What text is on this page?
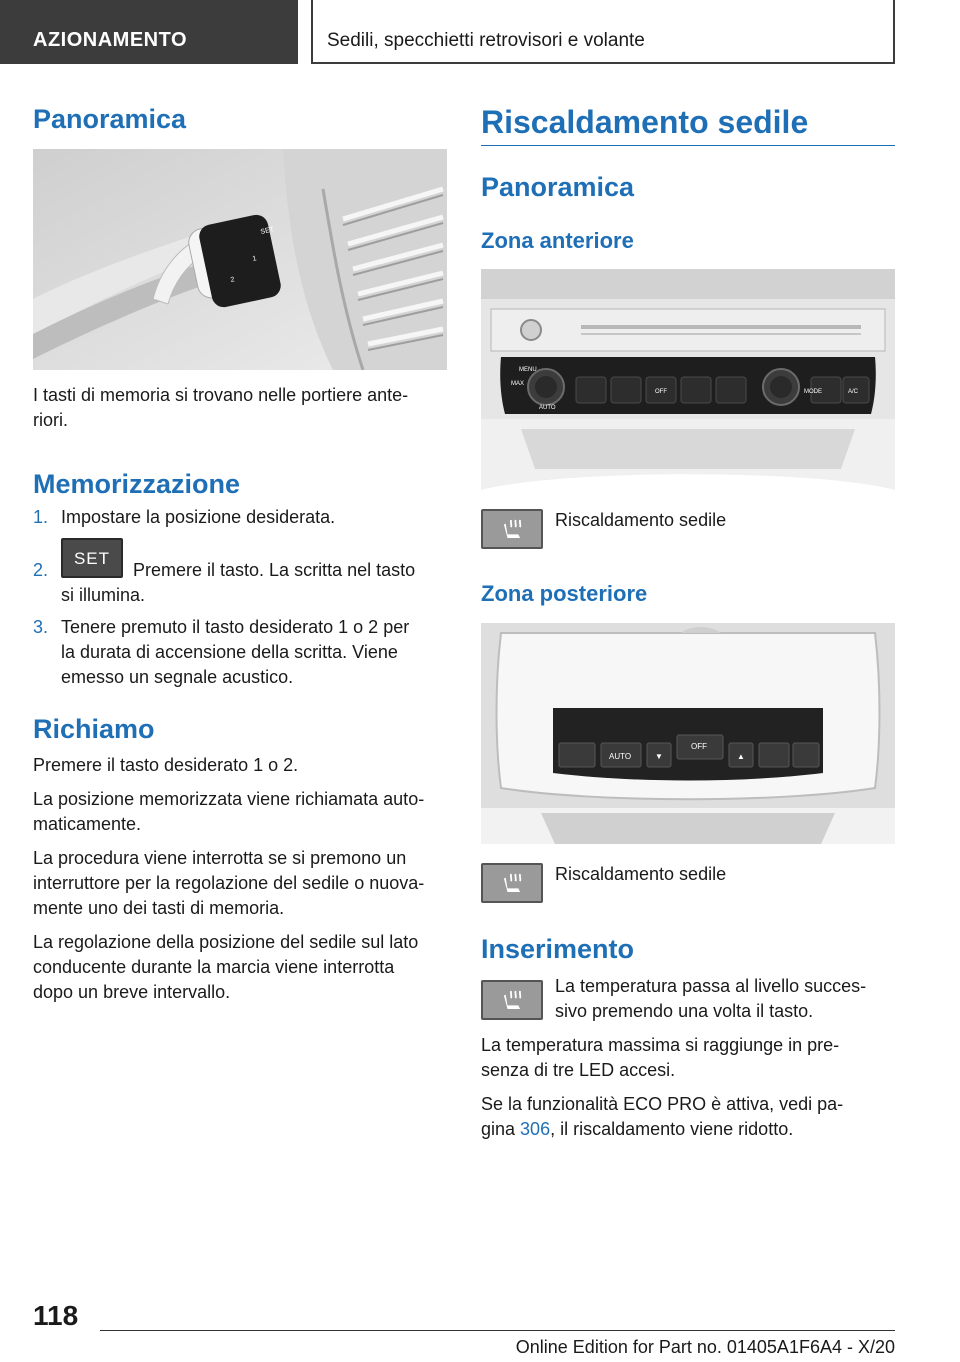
AZIONAMENTO	Sedili, specchietti retrovisori e volante
Panoramica
SET
1
2
I tasti di memoria si trovano nelle portiere ante-
riori.
Memorizzazione
1. Impostare la posizione desiderata.
2.
SET
Premere il tasto. La scritta nel tasto
si illumina.
3. Tenere premuto il tasto desiderato 1 o 2 per
la durata di accensione della scritta. Viene
emesso un segnale acustico.
Richiamo
Premere il tasto desiderato 1 o 2.
La posizione memorizzata viene richiamata auto-
maticamente.
La procedura viene interrotta se si premono un
interruttore per la regolazione del sedile o nuova-
mente uno dei tasti di memoria.
La regolazione della posizione del sedile sul lato
conducente durante la marcia viene interrotta
dopo un breve intervallo.
Riscaldamento sedile
Panoramica
Zona anteriore
MENU
MAX
AUTO
OFF	MODE	A/C
Riscaldamento sedile
Zona posteriore
AUTO
OFF
▼	▲
Riscaldamento sedile
Inserimento
La temperatura passa al livello succes-
sivo premendo una volta il tasto.
La temperatura massima si raggiunge in pre-
senza di tre LED accesi.
Se la funzionalità ECO PRO è attiva, vedi pa-
gina 306, il riscaldamento viene ridotto.
118
Online Edition for Part no. 01405A1F6A4 - X/20
